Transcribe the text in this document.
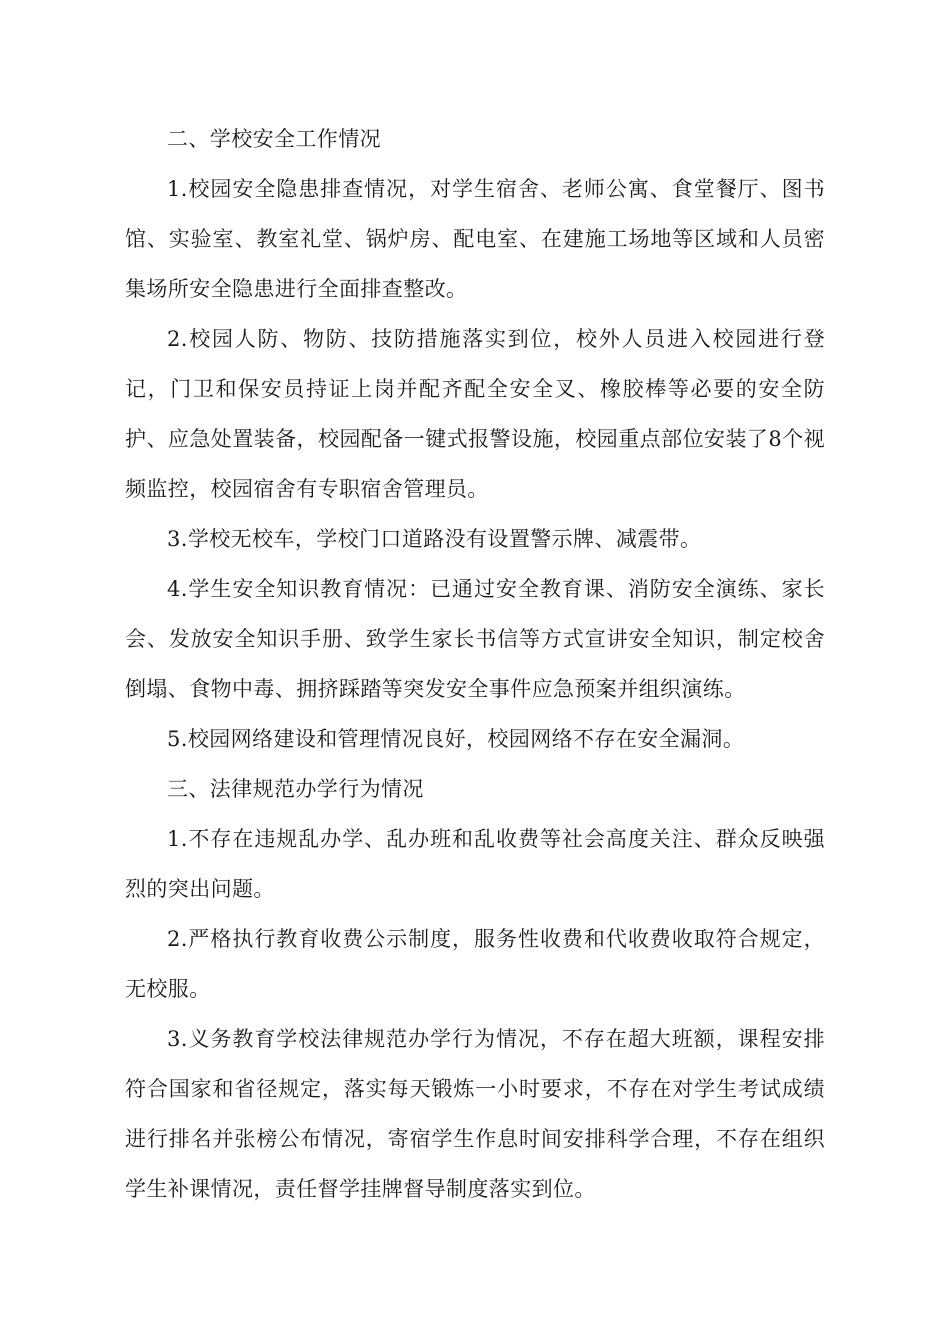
二、学校安全工作情况

1.校园安全隐患排查情况，对学生宿舍、老师公寓、食堂餐厅、图书馆、实验室、教室礼堂、锅炉房、配电室、在建施工场地等区域和人员密集场所安全隐患进行全面排查整改。

2.校园人防、物防、技防措施落实到位，校外人员进入校园进行登记，门卫和保安员持证上岗并配齐配全安全叉、橡胶棒等必要的安全防护、应急处置装备，校园配备一键式报警设施，校园重点部位安装了8个视频监控，校园宿舍有专职宿舍管理员。

3.学校无校车，学校门口道路没有设置警示牌、减震带。

4.学生安全知识教育情况：已通过安全教育课、消防安全演练、家长会、发放安全知识手册、致学生家长书信等方式宣讲安全知识，制定校舍倒塌、食物中毒、拥挤踩踏等突发安全事件应急预案并组织演练。

5.校园网络建设和管理情况良好，校园网络不存在安全漏洞。

三、法律规范办学行为情况

1.不存在违规乱办学、乱办班和乱收费等社会高度关注、群众反映强烈的突出问题。

2.严格执行教育收费公示制度，服务性收费和代收费收取符合规定，无校服。

3.义务教育学校法律规范办学行为情况，不存在超大班额，课程安排符合国家和省径规定，落实每天锻炼一小时要求，不存在对学生考试成绩进行排名并张榜公布情况，寄宿学生作息时间安排科学合理，不存在组织学生补课情况，责任督学挂牌督导制度落实到位。
